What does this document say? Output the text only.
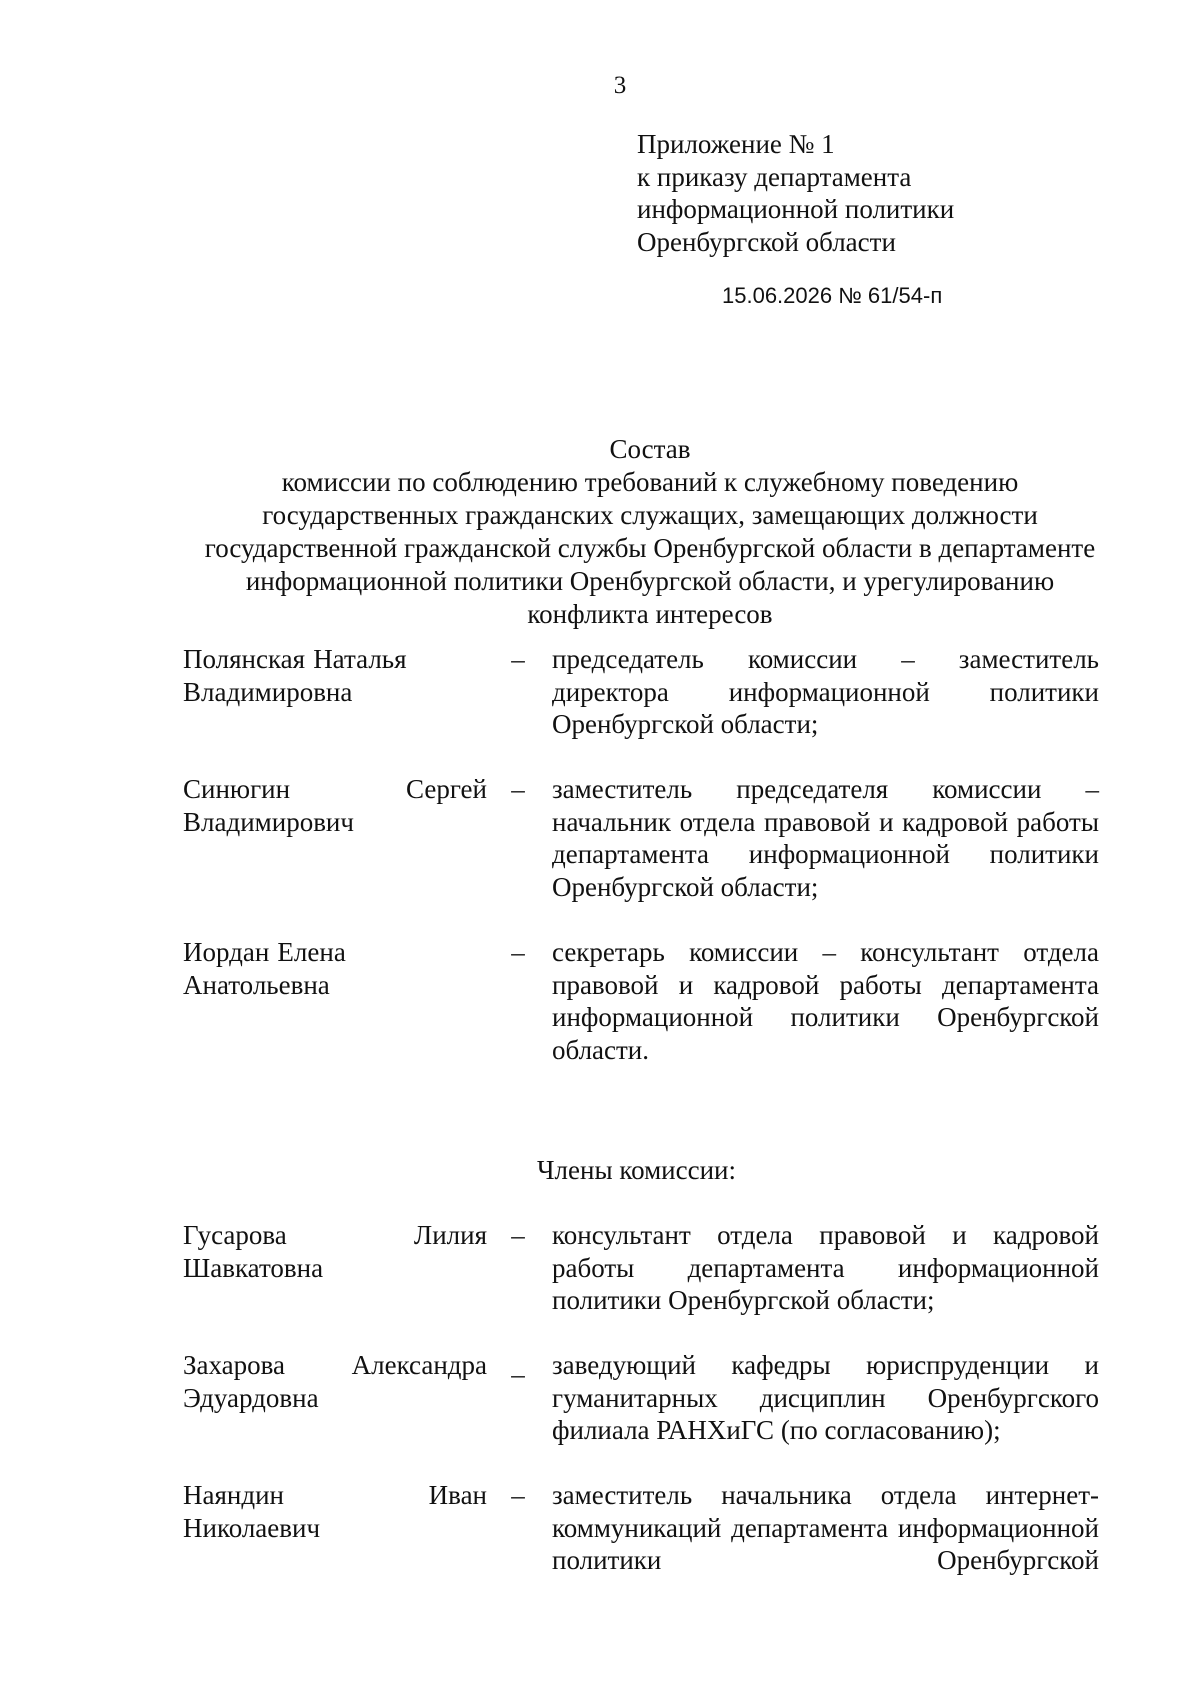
3
Приложение № 1
к приказу департамента
информационной политики
Оренбургской области
15.06.2026 № 61/54-п
Состав
комиссии по соблюдению требований к служебному поведению
государственных гражданских служащих, замещающих должности
государственной гражданской службы Оренбургской области в департаменте
информационной политики Оренбургской области, и урегулированию
конфликта интересов
Полянская Наталья
Владимировна
– председатель комиссии – заместитель директора информационной политики Оренбургской области;
Синюгин	Сергей
Владимирович
– заместитель председателя комиссии – начальник отдела правовой и кадровой работы департамента информационной политики Оренбургской области;
Иордан Елена
Анатольевна
– секретарь комиссии – консультант отдела правовой и кадровой работы департамента информационной политики Оренбургской области.
Члены комиссии:
Гусарова	Лилия
Шавкатовна
– консультант отдела правовой и кадровой работы департамента информационной политики Оренбургской области;
Захарова Александра
Эдуардовна
_ заведующий кафедры юриспруденции и гуманитарных дисциплин Оренбургского филиала РАНХиГС (по согласованию);
Наяндин	Иван
Николаевич
– заместитель начальника отдела интернет-коммуникаций департамента информационной политики Оренбургской
